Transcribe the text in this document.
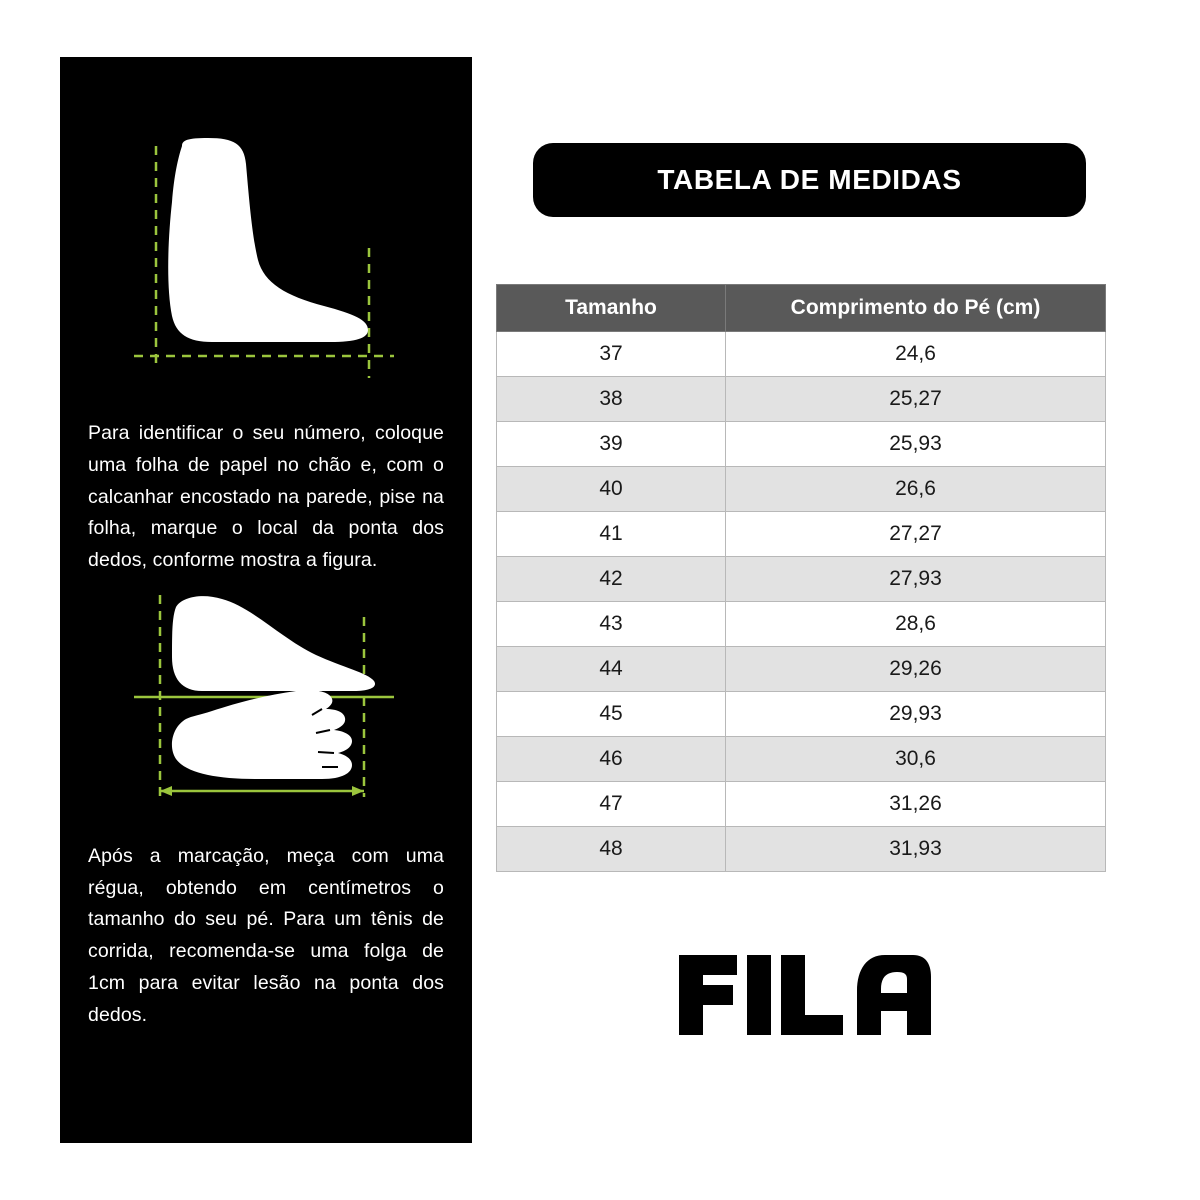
Para identificar o seu número, coloque uma folha de papel no chão e, com o calcanhar encostado na parede, pise na folha, marque o local da ponta dos dedos, conforme mostra a figura.

Após a marcação, meça com uma régua, obtendo em centímetros o tamanho do seu pé. Para um tênis de corrida, recomenda-se uma folga de 1cm para evitar lesão na ponta dos dedos.

TABELA DE MEDIDAS
Tamanho	Comprimento do Pé (cm)
37	24,6
38	25,27
39	25,93
40	26,6
41	27,27
42	27,93
43	28,6
44	29,26
45	29,93
46	30,6
47	31,26
48	31,93
